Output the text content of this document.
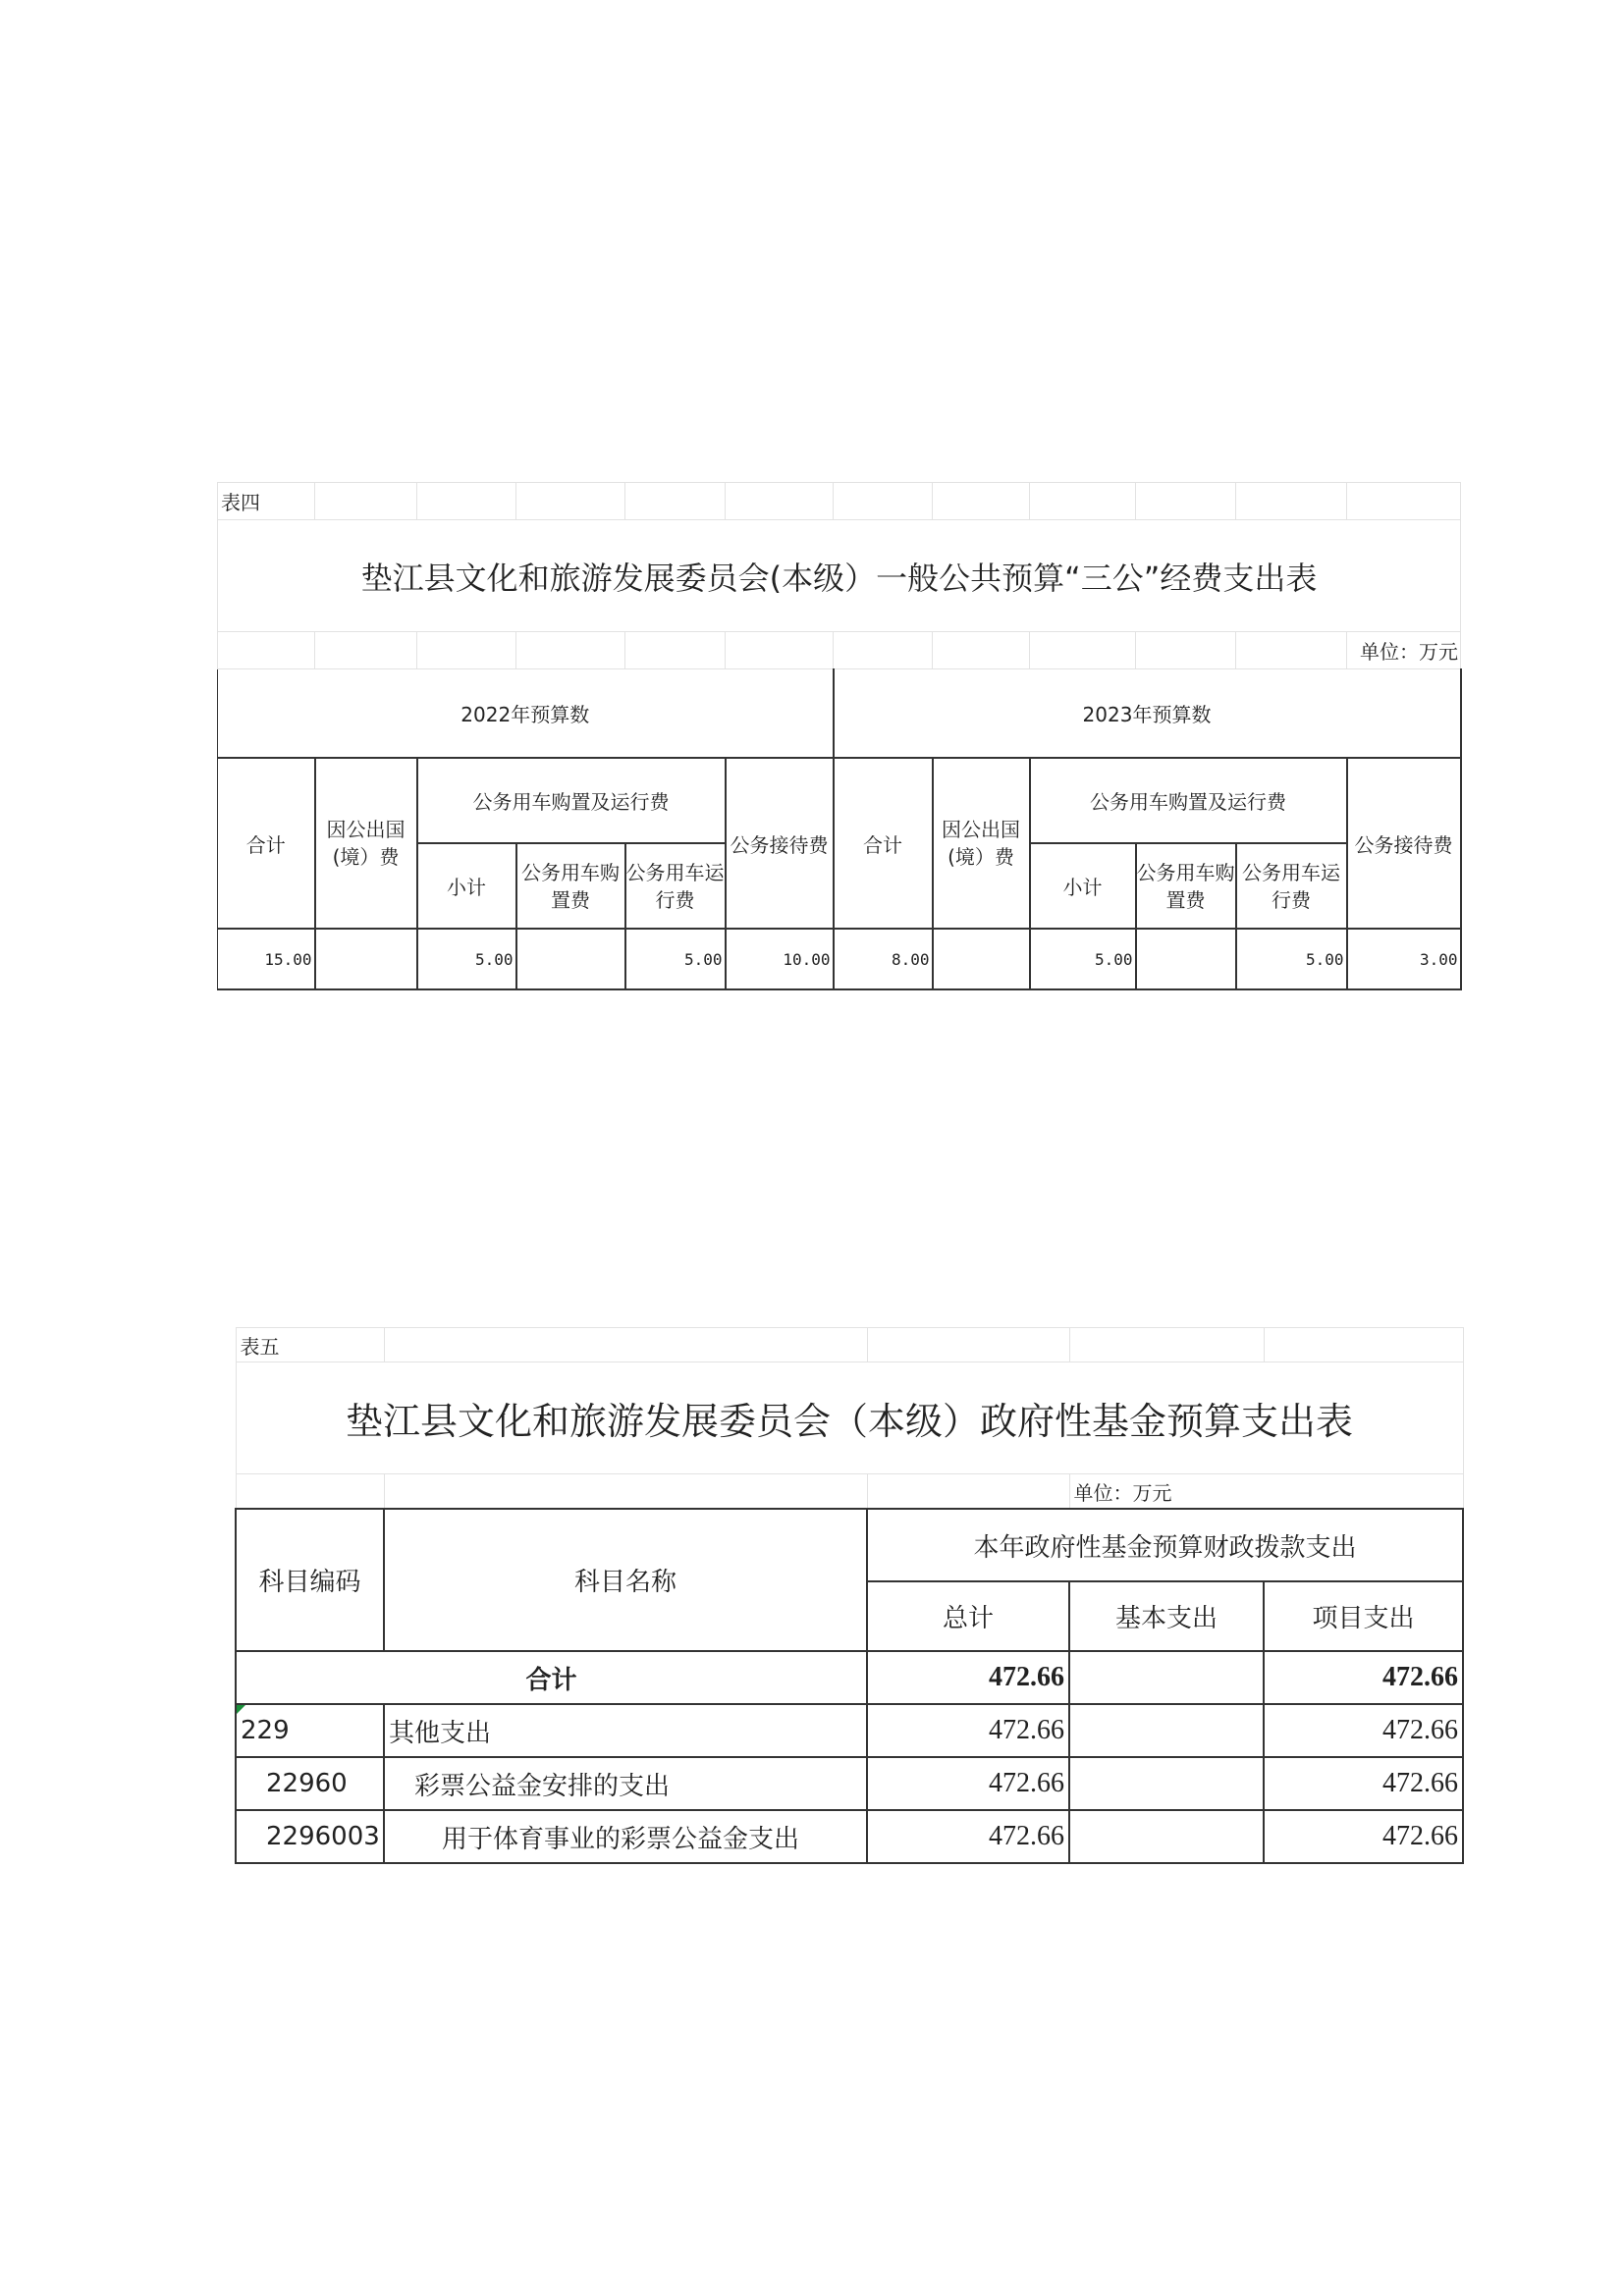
表四											
垫江县文化和旅游发展委员会(本级）一般公共预算“三公”经费支出表											
											单位：万元
2022年预算数						2023年预算数					
合计	因公出国(境）费	公务用车购置及运行费			公务接待费	合计	因公出国(境）费	公务用车购置及运行费			公务接待费
		小计	公务用车购置费	公务用车运行费				小计	公务用车购置费	公务用车运行费	
15.00		5.00		5.00	10.00	8.00		5.00		5.00	3.00
表五				
垫江县文化和旅游发展委员会（本级）政府性基金预算支出表				
			单位：万元	
科目编码	科目名称	本年政府性基金预算财政拨款支出		
		总计	基本支出	项目支出
合计		472.66		472.66
229	其他支出	472.66		472.66
22960	彩票公益金安排的支出	472.66		472.66
2296003	用于体育事业的彩票公益金支出	472.66		472.66
